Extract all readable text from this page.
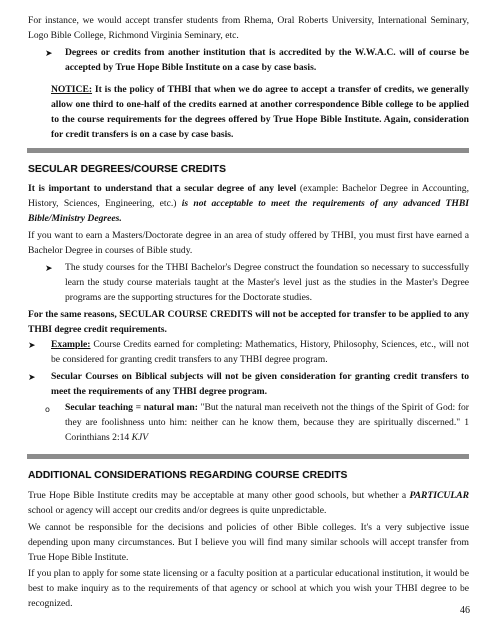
For instance, we would accept transfer students from Rhema, Oral Roberts University, International Seminary, Logo Bible College, Richmond Virginia Seminary, etc.

➤ Degrees or credits from another institution that is accredited by the W.W.A.C. will of course be accepted by True Hope Bible Institute on a case by case basis.

NOTICE: It is the policy of THBI that when we do agree to accept a transfer of credits, we generally allow one third to one-half of the credits earned at another correspondence Bible college to be applied to the course requirements for the degrees offered by True Hope Bible Institute. Again, consideration for credit transfers is on a case by case basis.

SECULAR DEGREES/COURSE CREDITS

It is important to understand that a secular degree of any level (example: Bachelor Degree in Accounting, History, Sciences, Engineering, etc.) is not acceptable to meet the requirements of any advanced THBI Bible/Ministry Degrees.

If you want to earn a Masters/Doctorate degree in an area of study offered by THBI, you must first have earned a Bachelor Degree in courses of Bible study.

➤ The study courses for the THBI Bachelor's Degree construct the foundation so necessary to successfully learn the study course materials taught at the Master's level just as the studies in the Master's Degree programs are the supporting structures for the Doctorate studies.

For the same reasons, SECULAR COURSE CREDITS will not be accepted for transfer to be applied to any THBI degree credit requirements.

➤ Example: Course Credits earned for completing: Mathematics, History, Philosophy, Sciences, etc., will not be considered for granting credit transfers to any THBI degree program.

➤ Secular Courses on Biblical subjects will not be given consideration for granting credit transfers to meet the requirements of any THBI degree program.

o Secular teaching = natural man: "But the natural man receiveth not the things of the Spirit of God: for they are foolishness unto him: neither can he know them, because they are spiritually discerned." 1 Corinthians 2:14 KJV

ADDITIONAL CONSIDERATIONS REGARDING COURSE CREDITS

True Hope Bible Institute credits may be acceptable at many other good schools, but whether a PARTICULAR school or agency will accept our credits and/or degrees is quite unpredictable.

We cannot be responsible for the decisions and policies of other Bible colleges. It's a very subjective issue depending upon many circumstances. But I believe you will find many similar schools will accept transfer from True Hope Bible Institute.

If you plan to apply for some state licensing or a faculty position at a particular educational institution, it would be best to make inquiry as to the requirements of that agency or school at which you wish your THBI degree to be recognized.

46
